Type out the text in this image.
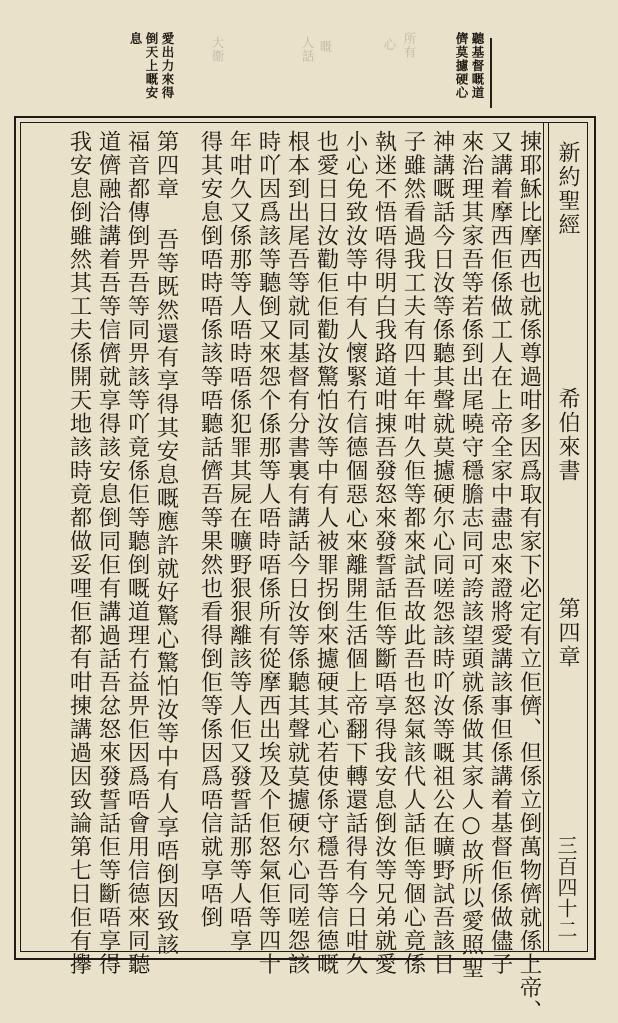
聽基督嘅道
儕莫攄硬心
所有
心
嘅
人話
大衞
愛出力來得
倒天上嘅安
息
新約聖經
希伯來書
第四章
三百四十二
㨂耶穌比摩西也就係尊過咁多因爲取有家下必定有立佢儕、但係立倒萬物儕就係上帝、
又講着摩西佢係做工人在上帝全家中盡忠來證將愛講該事但係講着基督佢係做儘子
來治理其家吾等若係到出尾曉守穩膽志同可誇該望頭就係做其家人○故所以愛照聖
神講嘅話今日汝等係聽其聲就莫攄硬尔心同嗟怨該時吖汝等嘅祖公在曠野試吾該日
子雖然看過我工夫有四十年咁久佢等都來試吾故此吾也怒氣該代人話佢等個心竟係
執迷不悟唔得明白我路道咁㨂吾發怒來發誓話佢等斷唔享得我安息倒汝等兄弟就愛
小心免致汝等中有人懷緊冇信德個惡心來離開生活個上帝翻下轉還話得有今日咁久
也愛日日汝勸佢佢勸汝驚怕汝等中有人被罪拐倒來攄硬其心若使係守穩吾等信德嘅
根本到出尾吾等就同基督有分書裏有講話今日汝等係聽其聲就莫攄硬尔心同嗟怨該
時吖因爲該等聽倒又來怨个係那等人唔時唔係所有從摩西出埃及个佢怒氣佢等四十
年咁久又係那等人唔時唔係犯罪其屍在曠野狠狠離該等人佢又發誓話那等人唔享
得其安息倒唔時唔係該等唔聽話儕吾等果然也看得倒佢等係因爲唔信就享唔倒
第四章 吾等既然還有享得其安息嘅應許就好驚心驚怕汝等中有人享唔倒因致該
福音都傳倒畀吾等同畀該等吖竟係佢等聽倒嘅道理冇益畀佢因爲唔會用信德來同聽
道儕融洽講着吾等信儕就享得該安息倒同佢有講過話吾忿怒來發誓話佢等斷唔享得
我安息倒雖然其工夫係開天地該時竟都做妥哩佢都有咁㨂講過因致論第七日佢有㩮
